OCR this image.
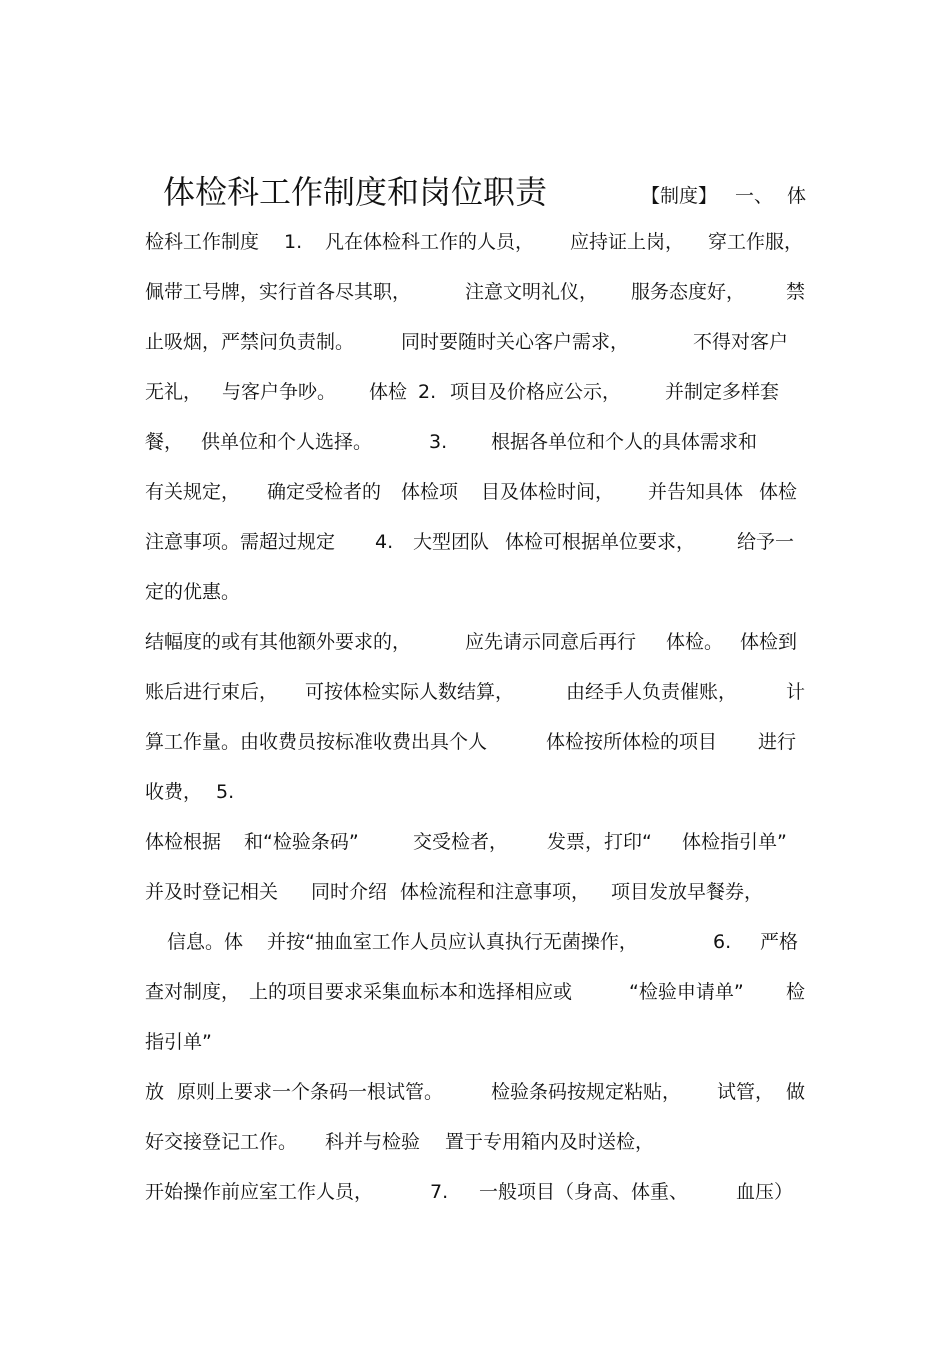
体检科工作制度和岗位职责	【制度】 一、 体
检科工作制度 1. 凡在体检科工作的人员， 应持证上岗， 穿工作服，
佩带工号牌，实行首各尽其职，	注意文明礼仪， 服务态度好， 禁
止吸烟，严禁问负责制。 同时要随时关心客户需求，	不得对客户
无礼， 与客户争吵。 体检 2. 项目及价格应公示， 并制定多样套
餐， 供单位和个人选择。	3. 根据各单位和个人的具体需求和
有关规定， 确定受检者的 体检项 目及体检时间， 并告知具体 体检
注意事项。需超过规定 4. 大型团队 体检可根据单位要求， 给予一
定的优惠。
结幅度的或有其他额外要求的，	应先请示同意后再行 体检。 体检到
账后进行束后， 可按体检实际人数结算，	由经手人负责催账，	计
算工作量。由收费员按标准收费出具个人	体检按所体检的项目 进行
收费， 5.
体检根据 和“检验条码”	交受检者， 发票，打印“ 体检指引单”
并及时登记相关 同时介绍 体检流程和注意事项， 项目发放早餐券，
信息。体 并按“抽血室工作人员应认真执行无菌操作，	6. 严格
查对制度， 上的项目要求采集血标本和选择相应或	“检验申请单” 检
指引单”
放 原则上要求一个条码一根试管。	检验条码按规定粘贴， 试管， 做
好交接登记工作。 科并与检验 置于专用箱内及时送检，
开始操作前应室工作人员，	7. 一般项目（身高、体重、	血压）
